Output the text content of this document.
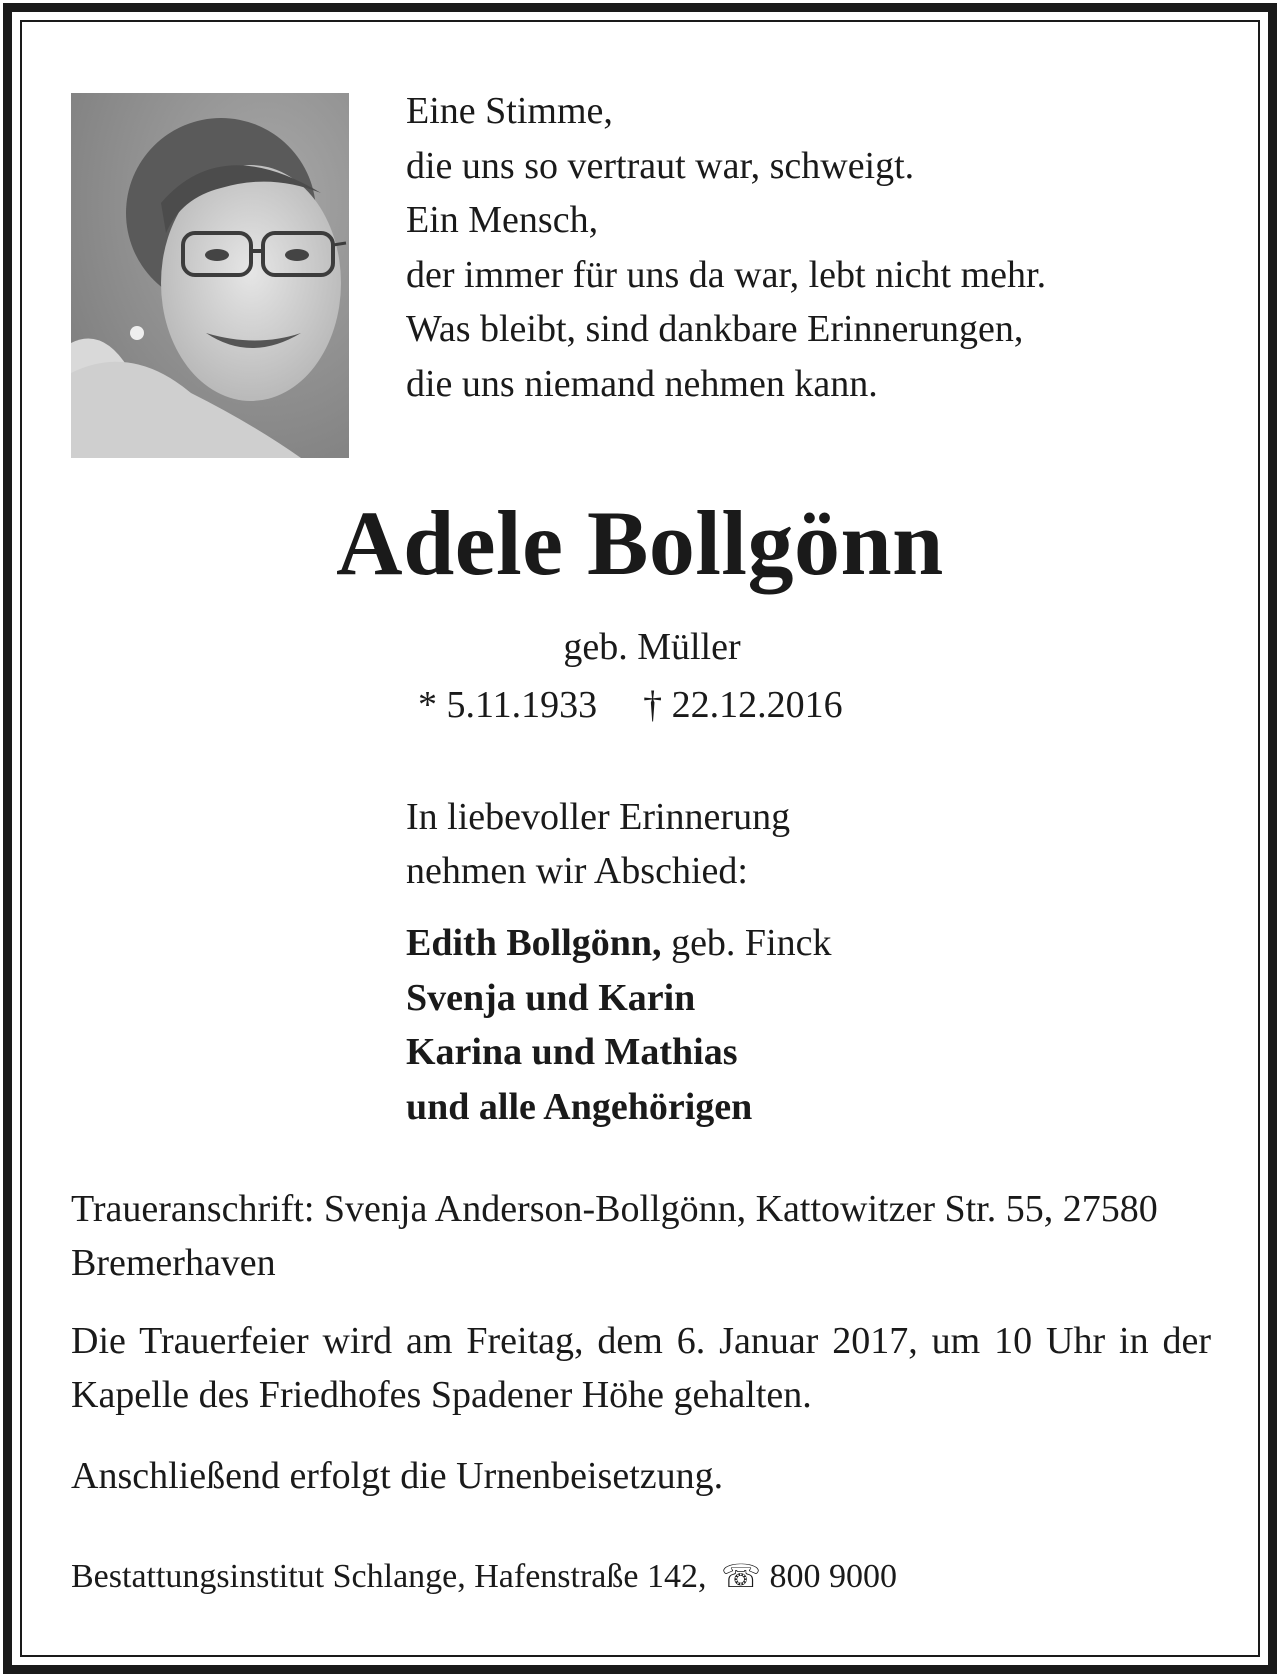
Eine Stimme,
die uns so vertraut war, schweigt.
Ein Mensch,
der immer für uns da war, lebt nicht mehr.
Was bleibt, sind dankbare Erinnerungen,
die uns niemand nehmen kann.
Adele Bollgönn
geb. Müller
* 5.11.1933 † 22.12.2016
In liebevoller Erinnerung
nehmen wir Abschied:
Edith Bollgönn, geb. Finck
Svenja und Karin
Karina und Mathias
und alle Angehörigen
Traueranschrift: Svenja Anderson-Bollgönn, Kattowitzer Str. 55, 27580 Bremerhaven
Die Trauerfeier wird am Freitag, dem 6. Januar 2017, um 10 Uhr in der Kapelle des Friedhofes Spadener Höhe gehalten.
Anschließend erfolgt die Urnenbeisetzung.
Bestattungsinstitut Schlange, Hafenstraße 142, ☏ 800 9000
